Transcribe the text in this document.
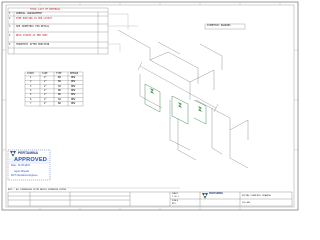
TOTAL LIST OF MATERIAL
1 GENERAL ARRANGEMENT
2 PIPE ROUTING AS PER LAYOUT
3 SEE ISOMETRIC FOR DETAIL
4 WELD JOINTS AS PER SPEC
5 HYDROTEST AFTER ERECTION
ISOMETRIC DRAWING
JOINT	SIZE	TYPE	REMARK
1	2"	BW	NEW
2	2"	BW	NEW
3	2"	SW	NEW
4	2"	BW	NEW
5	2"	BW	NEW
6	2"	SW	NEW
7	2"	BW	NEW
PERTAMINA
APPROVED
Date: 31-05-2023
Ayan Riyadi
MUT Operations Engineer
NOTE : ALL DIMENSIONS IN MM UNLESS OTHERWISE STATED
PERTAMINA
PIPING ISOMETRIC DRAWING
SHEET
1 OF 1
SCALE
NTS
ISO-001
